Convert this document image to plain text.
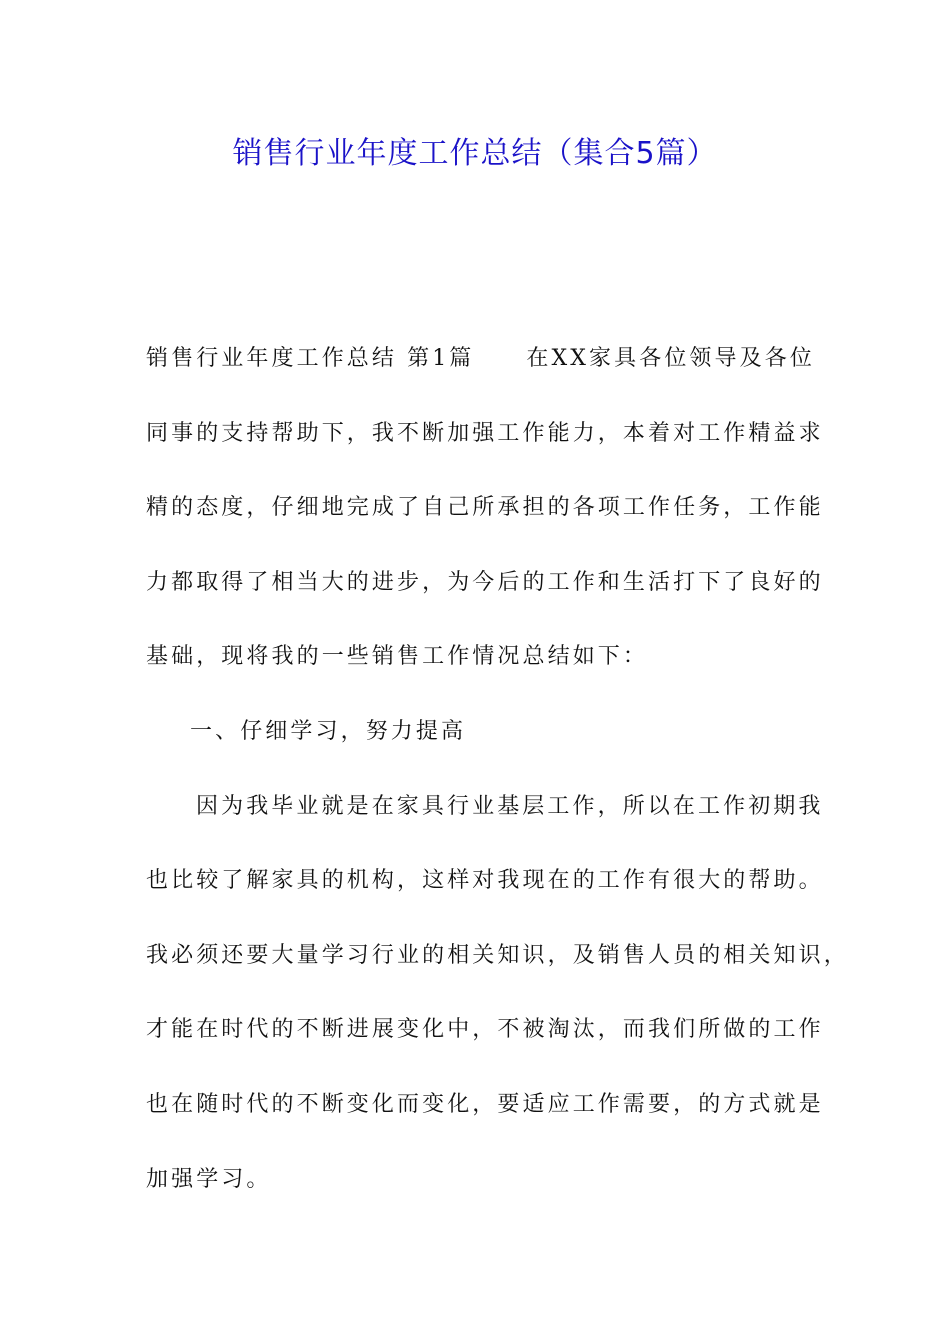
销售行业年度工作总结（集合5篇）
销售行业年度工作总结 第1篇 在XX家具各位领导及各位
同事的支持帮助下，我不断加强工作能力，本着对工作精益求
精的态度，仔细地完成了自己所承担的各项工作任务，工作能
力都取得了相当大的进步，为今后的工作和生活打下了良好的
基础，现将我的一些销售工作情况总结如下：
一、仔细学习，努力提高
因为我毕业就是在家具行业基层工作，所以在工作初期我
也比较了解家具的机构，这样对我现在的工作有很大的帮助。
我必须还要大量学习行业的相关知识，及销售人员的相关知识，
才能在时代的不断进展变化中，不被淘汰，而我们所做的工作
也在随时代的不断变化而变化，要适应工作需要，的方式就是
加强学习。
